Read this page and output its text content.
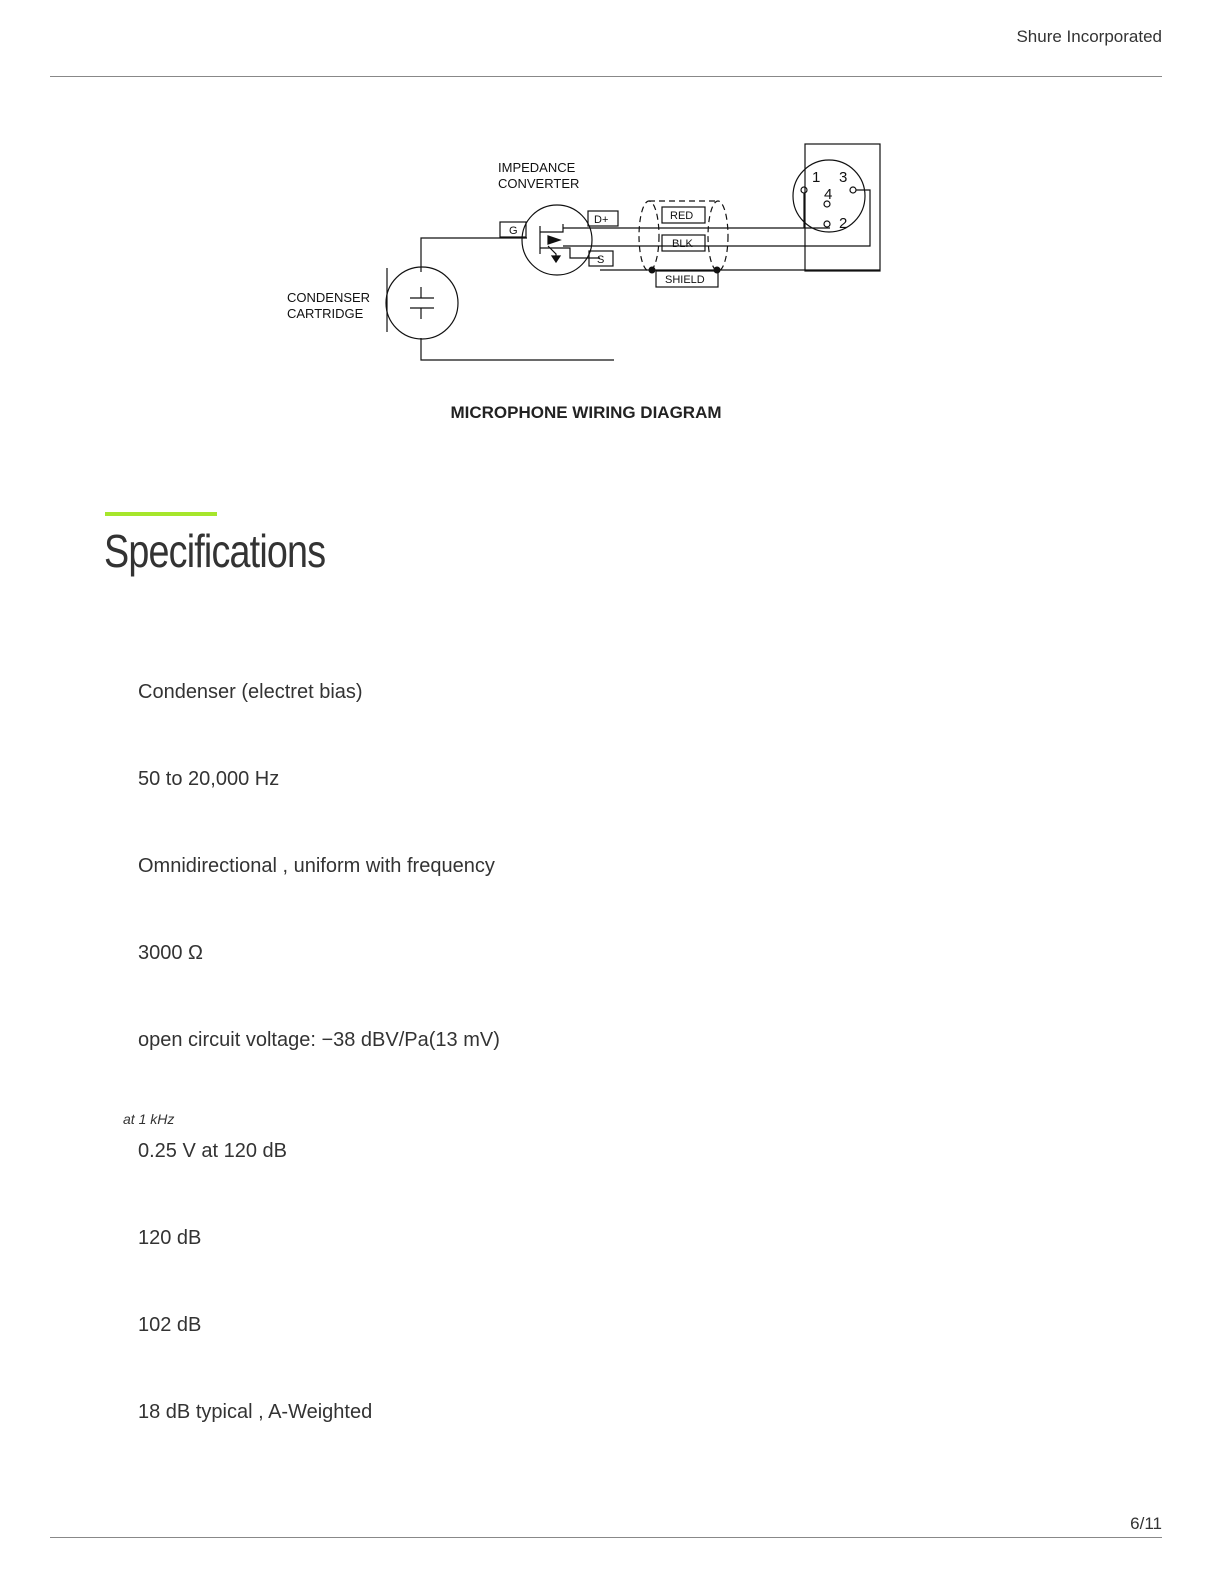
Shure Incorporated
IMPEDANCE
CONVERTER
CONDENSER
CARTRIDGE
G
D+
S
RED
BLK
SHIELD
1 3
4
2
MICROPHONE WIRING DIAGRAM
Specifications
Condenser (electret bias)
50 to 20,000 Hz
Omnidirectional , uniform with frequency
3000 Ω
open circuit voltage: −38 dBV/Pa(13 mV)
at 1 kHz
0.25 V at 120 dB
120 dB
102 dB
18 dB typical , A-Weighted
6/11
